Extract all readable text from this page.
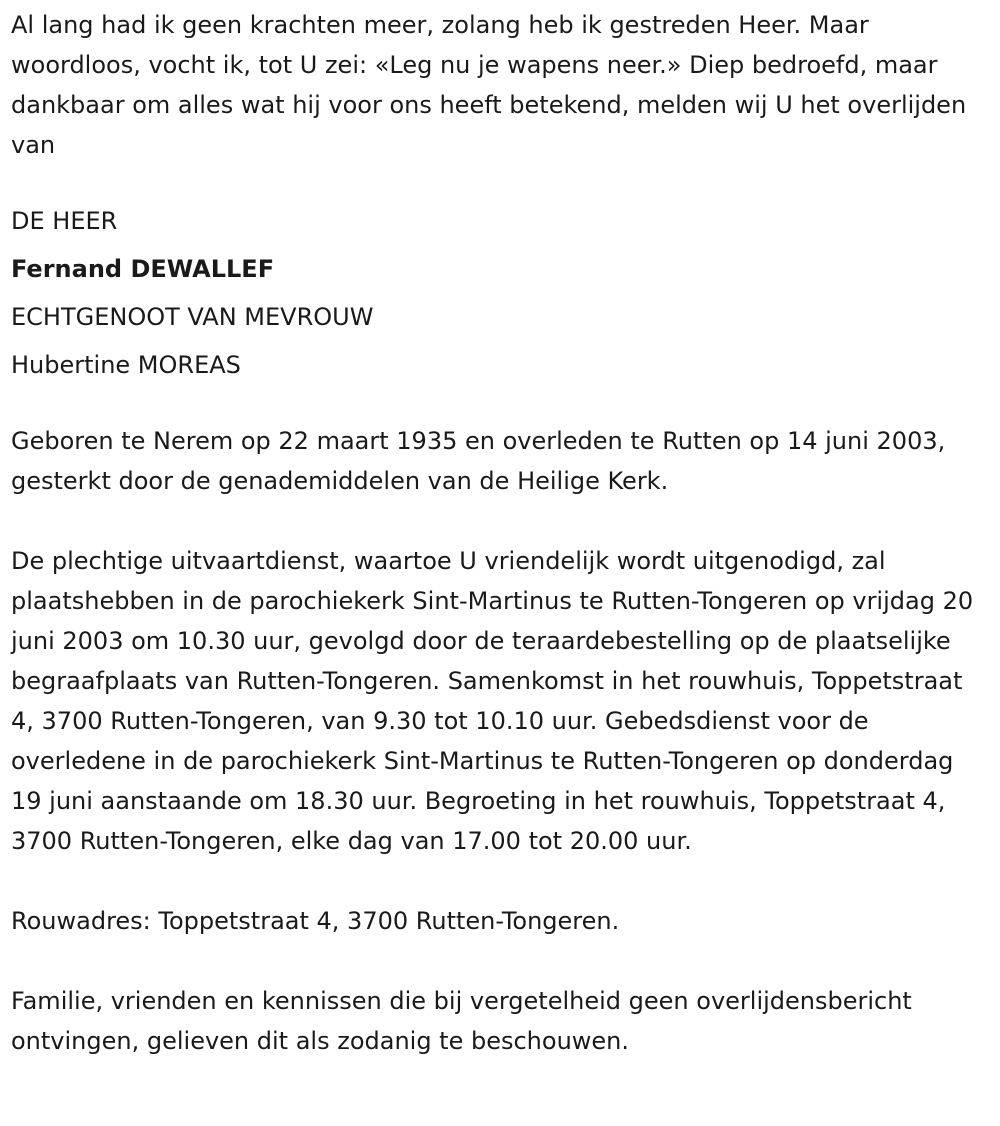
Al lang had ik geen krachten meer, zolang heb ik gestreden Heer. Maar woordloos, vocht ik, tot U zei: «Leg nu je wapens neer.» Diep bedroefd, maar dankbaar om alles wat hij voor ons heeft betekend, melden wij U het overlijden van

DE HEER

Fernand DEWALLEF

ECHTGENOOT VAN MEVROUW

Hubertine MOREAS

Geboren te Nerem op 22 maart 1935 en overleden te Rutten op 14 juni 2003, gesterkt door de genademiddelen van de Heilige Kerk.

De plechtige uitvaartdienst, waartoe U vriendelijk wordt uitgenodigd, zal plaatshebben in de parochiekerk Sint-Martinus te Rutten-Tongeren op vrijdag 20 juni 2003 om 10.30 uur, gevolgd door de teraardebestelling op de plaatselijke begraafplaats van Rutten-Tongeren. Samenkomst in het rouwhuis, Toppetstraat 4, 3700 Rutten-Tongeren, van 9.30 tot 10.10 uur. Gebedsdienst voor de overledene in de parochiekerk Sint-Martinus te Rutten-Tongeren op donderdag 19 juni aanstaande om 18.30 uur. Begroeting in het rouwhuis, Toppetstraat 4, 3700 Rutten-Tongeren, elke dag van 17.00 tot 20.00 uur.

Rouwadres: Toppetstraat 4, 3700 Rutten-Tongeren.

Familie, vrienden en kennissen die bij vergetelheid geen overlijdensbericht ontvingen, gelieven dit als zodanig te beschouwen.
